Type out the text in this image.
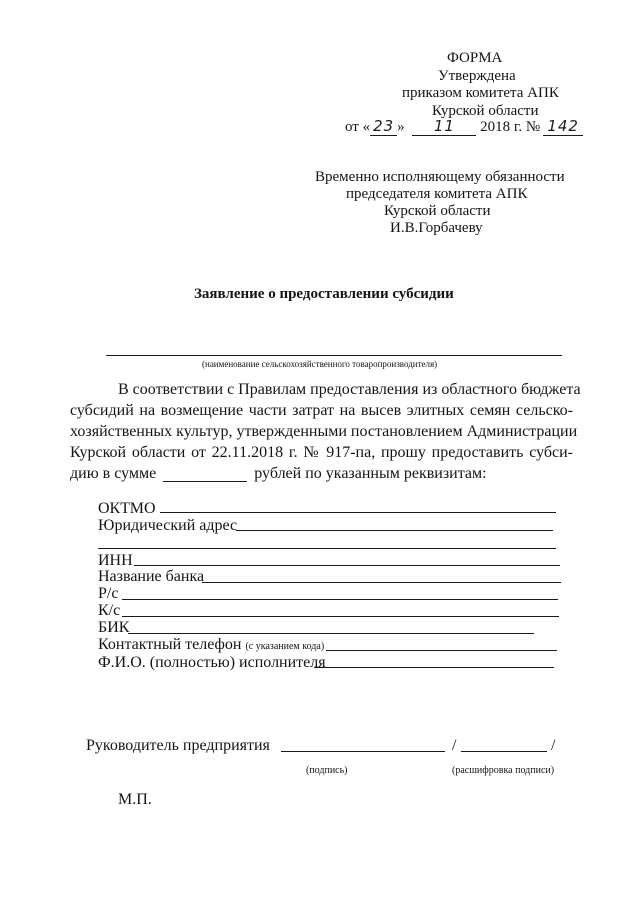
ФОРМА
Утверждена
приказом комитета АПК
Курской области
от « 23 » 11 2018 г. № 142
Временно исполняющему обязанности
председателя комитета АПК
Курской области
И.В.Горбачеву
Заявление о предоставлении субсидии
(наименование сельскохозяйственного товаропроизводителя)
В соответствии с Правилам предоставления из областного бюджета
субсидий на возмещение части затрат на высев элитных семян сельско-
хозяйственных культур, утвержденными постановлением Администрации
Курской области от 22.11.2018 г. № 917-па, прошу предоставить субси-
дию в сумме	рублей по указанным реквизитам:
ОКТМО
Юридический адрес
ИНН
Название банка
Р/с
К/с
БИК
Контактный телефон (с указанием кода)
Ф.И.О. (полностью) исполнителя
Руководитель предприятия	/	/
(подпись)	(расшифровка подписи)
М.П.
